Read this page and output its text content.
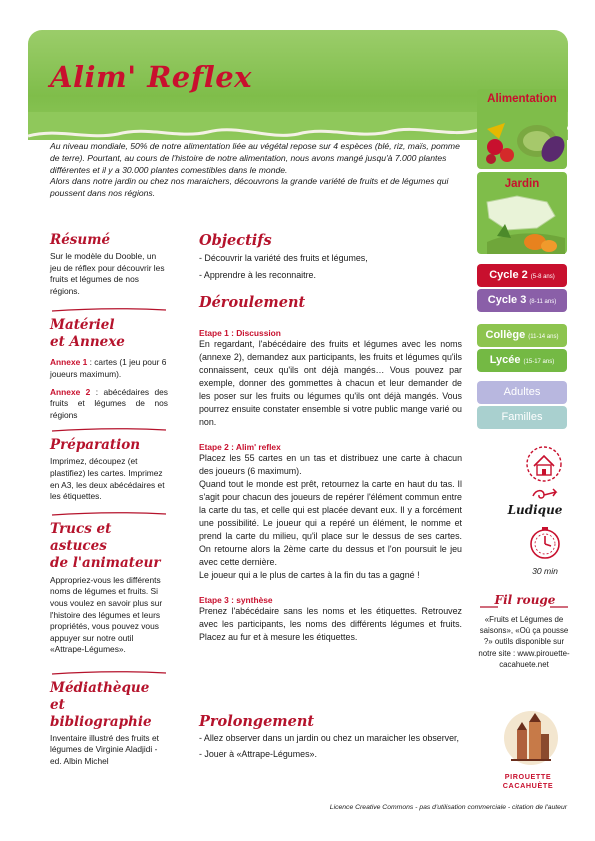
Alim' Reflex

Au niveau mondiale, 50% de notre alimentation liée au végétal repose sur 4 espèces (blé, riz, maïs, pomme de terre). Pourtant, au cours de l'histoire de notre alimentation, nous avons mangé jusqu'à 7.000 plantes différentes et il y a 30.000 plantes comestibles dans le monde.

Alors dans notre jardin ou chez nos maraichers, découvrons la grande variété de fruits et de légumes qui poussent dans nos régions.

Résumé
Sur le modèle du Dooble, un jeu de réflex pour découvrir les fruits et légumes de nos régions.
Matériel
et Annexe
Annexe 1 : cartes (1 jeu pour 6 joueurs maximum).
Annexe 2 : abécédaires des fruits et légumes de nos régions
Préparation
Imprimez, découpez (et plastifiez) les cartes. Imprimez en A3, les deux abécédaires et les étiquettes.
Trucs et astuces
de l'animateur
Appropriez-vous les différents noms de légumes et fruits. Si vous voulez en savoir plus sur l'histoire des légumes et leurs propriétés, vous pouvez vous appuyer sur notre outil «Attrape-Légumes».
Médiathèque et
bibliographie
Inventaire illustré des fruits et légumes de Virginie Aladjidi - ed. Albin Michel
Objectifs
- Découvrir la variété des fruits et légumes,
- Apprendre à les reconnaitre.
Déroulement
Etape 1 : Discussion

En regardant, l'abécédaire des fruits et légumes avec les noms (annexe 2), demandez aux participants, les fruits et légumes qu'ils connaissent, ceux qu'ils ont déjà mangés… Vous pouvez par exemple, donner des gommettes à chacun et leur demander de les poser sur les fruits ou légumes qu'ils ont déjà mangés. Vous pourrez ensuite constater ensemble si votre public mange varié ou non.

Etape 2 : Alim' reflex

Placez les 55 cartes en un tas et distribuez une carte à chacun des joueurs (6 maximum).

Quand tout le monde est prêt, retournez la carte en haut du tas. Il s'agit pour chacun des joueurs de repérer l'élément commun entre la carte du tas, et celle qui est placée devant eux. Il y a forcément une possibilité. Le joueur qui a repéré un élément, le nomme et prend la carte du milieu, qu'il place sur le dessus de ses cartes. On retourne alors la 2ème carte du dessus et l'on poursuit le jeu avec cette dernière.

Le joueur qui a le plus de cartes à la fin du tas a gagné !

Etape 3 : synthèse

Prenez l'abécédaire sans les noms et les étiquettes. Retrouvez avec les participants, les noms des différents légumes et fruits. Placez au fur et à mesure les étiquettes.

Prolongement
- Allez observer dans un jardin ou chez un maraicher les observer,
- Jouer à «Attrape-Légumes».
Alimentation
Jardin
Cycle 2 (5-8 ans)
Cycle 3 (8-11 ans)
Collège (11-14 ans)
Lycée (15-17 ans)
Adultes
Familles
Ludique
30 min
Fil rouge
«Fruits et Légumes de saisons», «Où ça pousse ?» outils disponible sur notre site : www.pirouette-cacahuete.net
PIROUETTE
CACAHUÈTE
Licence Creative Commons - pas d'utilisation commerciale - citation de l'auteur
